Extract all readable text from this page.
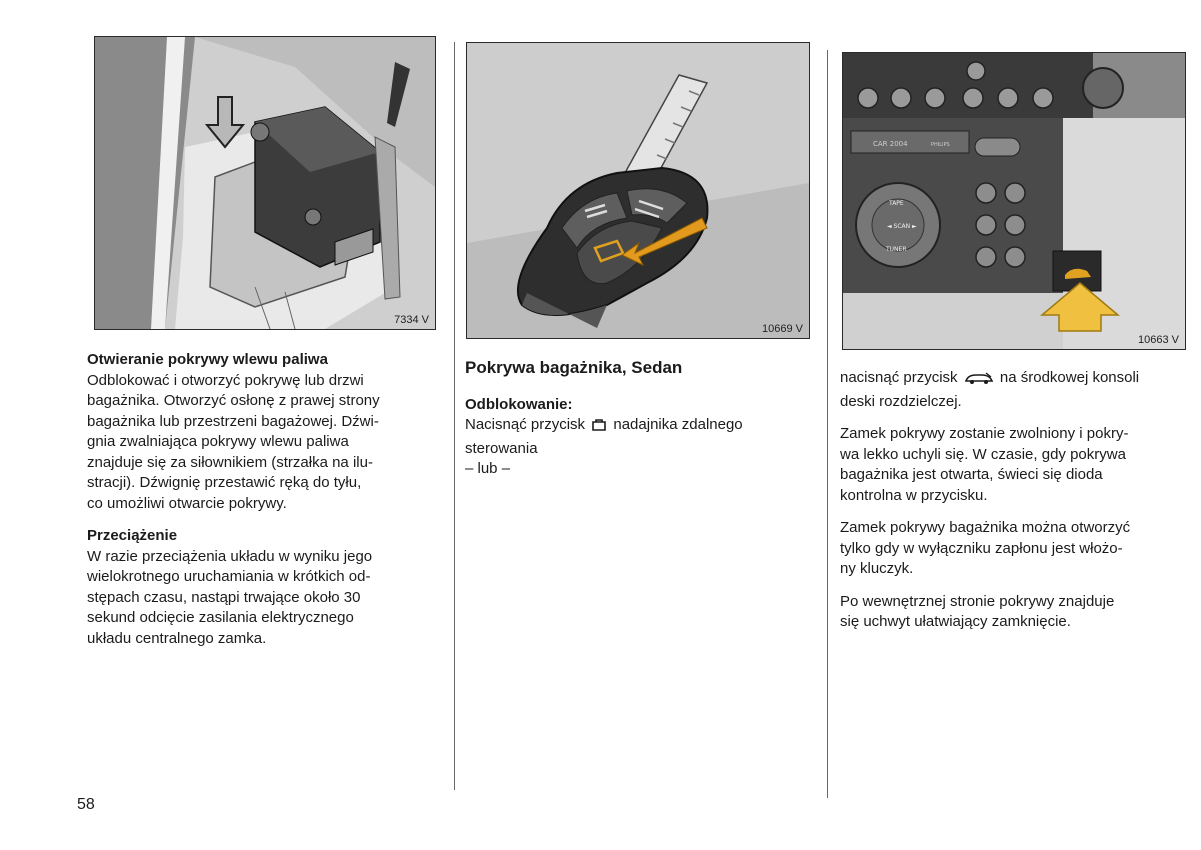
7334 V
10669 V
CAR 2004	PHILIPS
TAPE
◄ SCAN ►
TUNER
10663 V

Otwieranie pokrywy wlewu paliwa

Odblokować i otworzyć pokrywę lub drzwi

bagażnika. Otworzyć osłonę z prawej strony

bagażnika lub przestrzeni bagażowej. Dźwi-

gnia zwalniająca pokrywy wlewu paliwa

znajduje się za siłownikiem (strzałka na ilu-

stracji). Dźwignię przestawić ręką do tyłu,

co umożliwi otwarcie pokrywy.

Przeciążenie

W razie przeciążenia układu w wyniku jego

wielokrotnego uruchamiania w krótkich od-

stępach czasu, nastąpi trwające około 30

sekund odcięcie zasilania elektrycznego

układu centralnego zamka.

Pokrywa bagażnika, Sedan

Odblokowanie:

Nacisnąć przycisk nadajnika zdalnego

sterowania

– lub –

nacisnąć przycisk	na środkowej konsoli

deski rozdzielczej.

Zamek pokrywy zostanie zwolniony i pokry-

wa lekko uchyli się. W czasie, gdy pokrywa

bagażnika jest otwarta, świeci się dioda

kontrolna w przycisku.

Zamek pokrywy bagażnika można otworzyć

tylko gdy w wyłączniku zapłonu jest włożo-

ny kluczyk.

Po wewnętrznej stronie pokrywy znajduje

się uchwyt ułatwiający zamknięcie.

58
